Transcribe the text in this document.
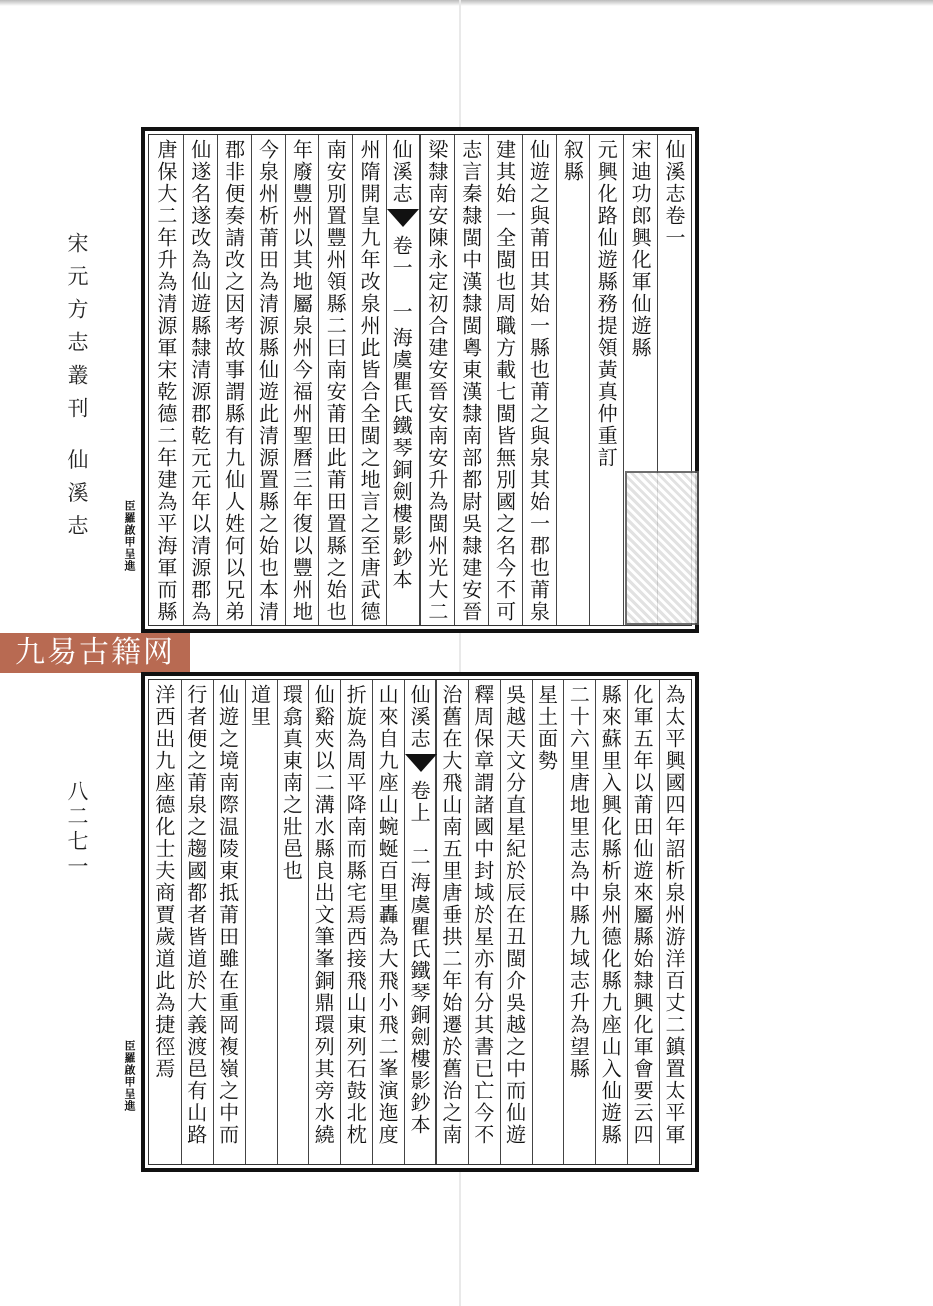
宋元方志叢刊 仙溪志
八二七一
九易古籍网
仙溪志卷一
宋迪功郎興化軍仙遊縣
元興化路仙遊縣務提領黃真仲重訂
叙縣
仙遊之與莆田其始一縣也莆之與泉其始一郡也莆泉
建其始一全閩也周職方載七閩皆無別國之名今不可
志言秦隸閩中漢隸閩粵東漢隸南部都尉吳隸建安晉
梁隸南安陳永定初合建安晉安南安升為閩州光大二
仙溪志
卷一　一
海虞瞿氏鐵琴銅劍樓影鈔本
州隋開皇九年改泉州此皆合全閩之地言之至唐武德
南安別置豐州領縣二曰南安莆田此莆田置縣之始也
年廢豐州以其地屬泉州今福州聖曆三年復以豐州地
今泉州析莆田為清源縣仙遊此清源置縣之始也本清
郡非便奏請改之因考故事謂縣有九仙人姓何以兄弟
仙遂名遂改為仙遊縣隸清源郡乾元元年以清源郡為
唐保大二年升為清源軍宋乾德二年建為平海軍而縣
臣羅啟甲呈進
為太平興國四年詔析泉州游洋百丈二鎮置太平軍
化軍五年以莆田仙遊來屬縣始隸興化軍會要云四
縣來蘇里入興化縣析泉州德化縣九座山入仙遊縣
二十六里唐地里志為中縣九域志升為望縣
星土面勢
吳越天文分直星紀於辰在丑閩介吳越之中而仙遊
釋周保章謂諸國中封域於星亦有分其書已亡今不
治舊在大飛山南五里唐垂拱二年始遷於舊治之南
仙溪志
卷上　二
海虞瞿氏鐵琴銅劍樓影鈔本
山來自九座山蜿蜒百里轟為大飛小飛二峯演迤度
折旋為周平降南而縣宅焉西接飛山東列石鼓北枕
仙谿夾以二溝水縣良出文筆峯銅鼎環列其旁水繞
環翕真東南之壯邑也
道里
仙遊之境南際温陵東抵莆田雖在重岡複嶺之中而
行者便之莆泉之趨國都者皆道於大義渡邑有山路
洋西出九座德化士夫商賈歲道此為捷徑焉
臣羅啟甲呈進
